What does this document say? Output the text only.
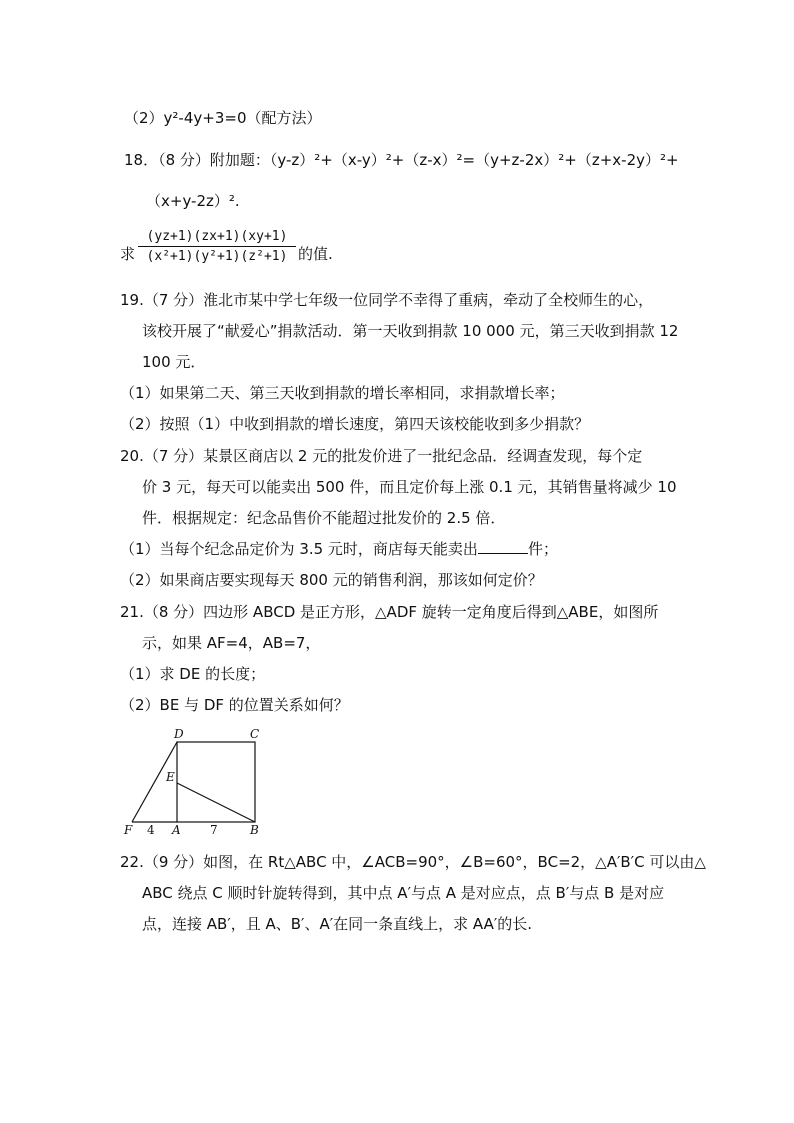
（2）y²-4y+3=0（配方法）
18．（8 分）附加题：（y-z）²+（x-y）²+（z-x）²=（y+z-2x）²+（z+x-2y）²+
（x+y-2z）².
求 $\frac{(yz+1)(zx+1)(xy+1)}{\text{(x²+1)(y²+1)(z²+1)}}$ 的值.
19.（7 分）淮北市某中学七年级一位同学不幸得了重病，牵动了全校师生的心，
该校开展了“献爱心”捐款活动．第一天收到捐款 10 000 元，第三天收到捐款 12
100 元．
（1）如果第二天、第三天收到捐款的增长率相同，求捐款增长率；
（2）按照（1）中收到捐款的增长速度，第四天该校能收到多少捐款？
20.（7 分）某景区商店以 2 元的批发价进了一批纪念品．经调查发现，每个定
价 3 元，每天可以能卖出 500 件，而且定价每上涨 0.1 元，其销售量将减少 10
件．根据规定：纪念品售价不能超过批发价的 2.5 倍．
（1）当每个纪念品定价为 3.5 元时，商店每天能卖出	件；
（2）如果商店要实现每天 800 元的销售利润，那该如何定价？
21.（8 分）四边形 ABCD 是正方形，△ADF 旋转一定角度后得到△ABE，如图所
示，如果 AF=4，AB=7，
（1）求 DE 的长度；
（2）BE 与 DF 的位置关系如何？
D	C
E
F	A	B
4	7
22.（9 分）如图，在 Rt△ABC 中，∠ACB=90°，∠B=60°，BC=2，△A′B′C 可以由△
ABC 绕点 C 顺时针旋转得到，其中点 A′与点 A 是对应点，点 B′与点 B 是对应
点，连接 AB′，且 A、B′、A′在同一条直线上，求 AA′的长.
